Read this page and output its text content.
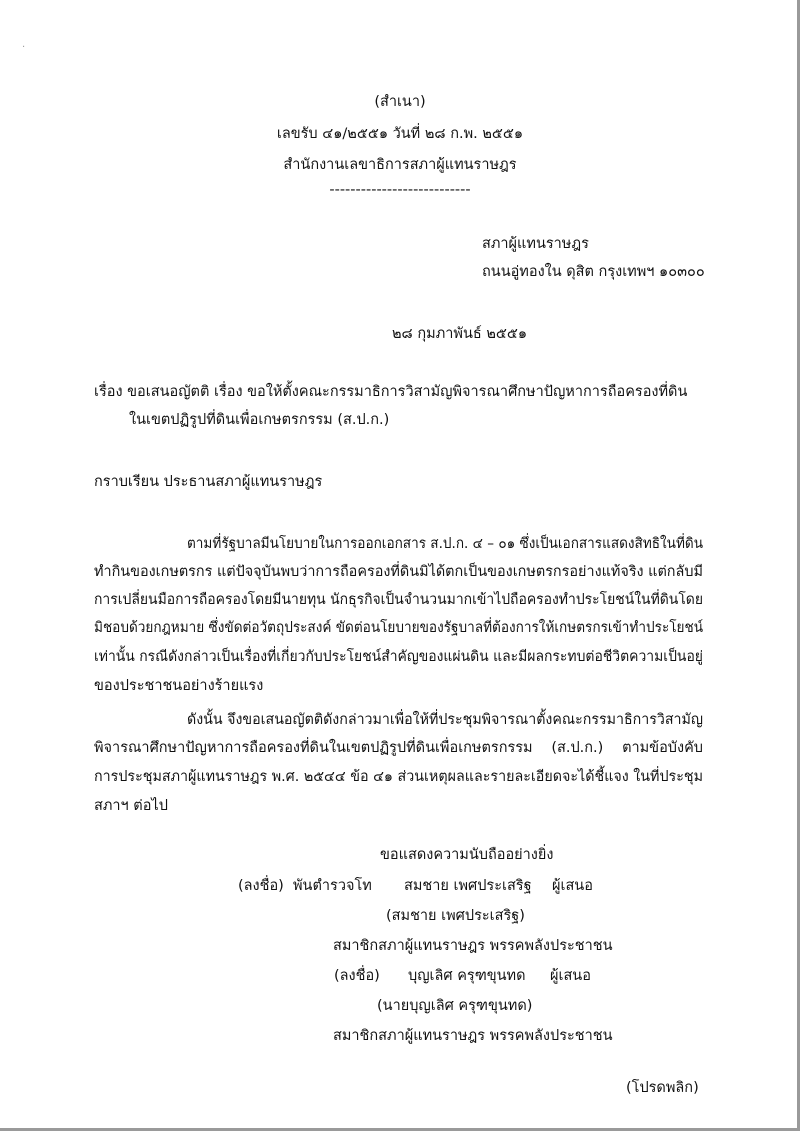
·
(สำเนา)
เลขรับ ๔๑/๒๕๕๑ วันที่ ๒๘ ก.พ. ๒๕๕๑
สำนักงานเลขาธิการสภาผู้แทนราษฎร
---------------------------
สภาผู้แทนราษฎร
ถนนอู่ทองใน ดุสิต กรุงเทพฯ ๑๐๓๐๐
๒๘ กุมภาพันธ์ ๒๕๕๑
เรื่อง ขอเสนอญัตติ เรื่อง ขอให้ตั้งคณะกรรมาธิการวิสามัญพิจารณาศึกษาปัญหาการถือครองที่ดิน
ในเขตปฏิรูปที่ดินเพื่อเกษตรกรรม (ส.ป.ก.)
กราบเรียน ประธานสภาผู้แทนราษฎร
ตามที่รัฐบาลมีนโยบายในการออกเอกสาร ส.ป.ก. ๔ – ๐๑ ซึ่งเป็นเอกสารแสดงสิทธิในที่ดิน
ทำกินของเกษตรกร แต่ปัจจุบันพบว่าการถือครองที่ดินมิได้ตกเป็นของเกษตรกรอย่างแท้จริง แต่กลับมี
การเปลี่ยนมือการถือครองโดยมีนายทุน นักธุรกิจเป็นจำนวนมากเข้าไปถือครองทำประโยชน์ในที่ดินโดย
มิชอบด้วยกฎหมาย ซึ่งขัดต่อวัตถุประสงค์ ขัดต่อนโยบายของรัฐบาลที่ต้องการให้เกษตรกรเข้าทำประโยชน์
เท่านั้น กรณีดังกล่าวเป็นเรื่องที่เกี่ยวกับประโยชน์สำคัญของแผ่นดิน และมีผลกระทบต่อชีวิตความเป็นอยู่
ของประชาชนอย่างร้ายแรง
ดังนั้น จึงขอเสนอญัตติดังกล่าวมาเพื่อให้ที่ประชุมพิจารณาตั้งคณะกรรมาธิการวิสามัญ
พิจารณาศึกษาปัญหาการถือครองที่ดินในเขตปฏิรูปที่ดินเพื่อเกษตรกรรม (ส.ป.ก.) ตามข้อบังคับ
การประชุมสภาผู้แทนราษฎร พ.ศ. ๒๕๔๔ ข้อ ๔๑ ส่วนเหตุผลและรายละเอียดจะได้ชี้แจง ในที่ประชุม
สภาฯ ต่อไป
ขอแสดงความนับถืออย่างยิ่ง
(ลงชื่อ) พันตำรวจโท สมชาย เพศประเสริฐ ผู้เสนอ
(สมชาย เพศประเสริฐ)
สมาชิกสภาผู้แทนราษฎร พรรคพลังประชาชน
(ลงชื่อ) บุญเลิศ ครุฑขุนทด ผู้เสนอ
(นายบุญเลิศ ครุฑขุนทด)
สมาชิกสภาผู้แทนราษฎร พรรคพลังประชาชน
(โปรดพลิก)
